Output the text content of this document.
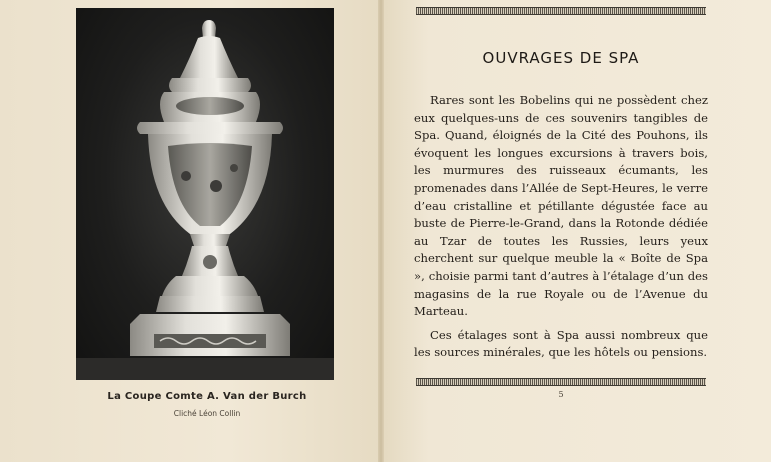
La Coupe Comte A. Van der Burch
Cliché Léon Collin
OUVRAGES DE SPA

Rares sont les Bobelins qui ne possèdent chez eux quelques-uns de ces souvenirs tangibles de Spa. Quand, éloignés de la Cité des Pouhons, ils évoquent les longues excursions à travers bois, les murmures des ruisseaux écumants, les promenades dans l’Allée de Sept-Heures, le verre d’eau cristalline et pétillante dégustée face au buste de Pierre-le-Grand, dans la Rotonde dédiée au Tzar de toutes les Russies, leurs yeux cherchent sur quelque meuble la « Boîte de Spa », choisie parmi tant d’autres à l’étalage d’un des magasins de la rue Royale ou de l’Avenue du Marteau.

Ces étalages sont à Spa aussi nombreux que les sources minérales, que les hôtels ou pensions.

5
